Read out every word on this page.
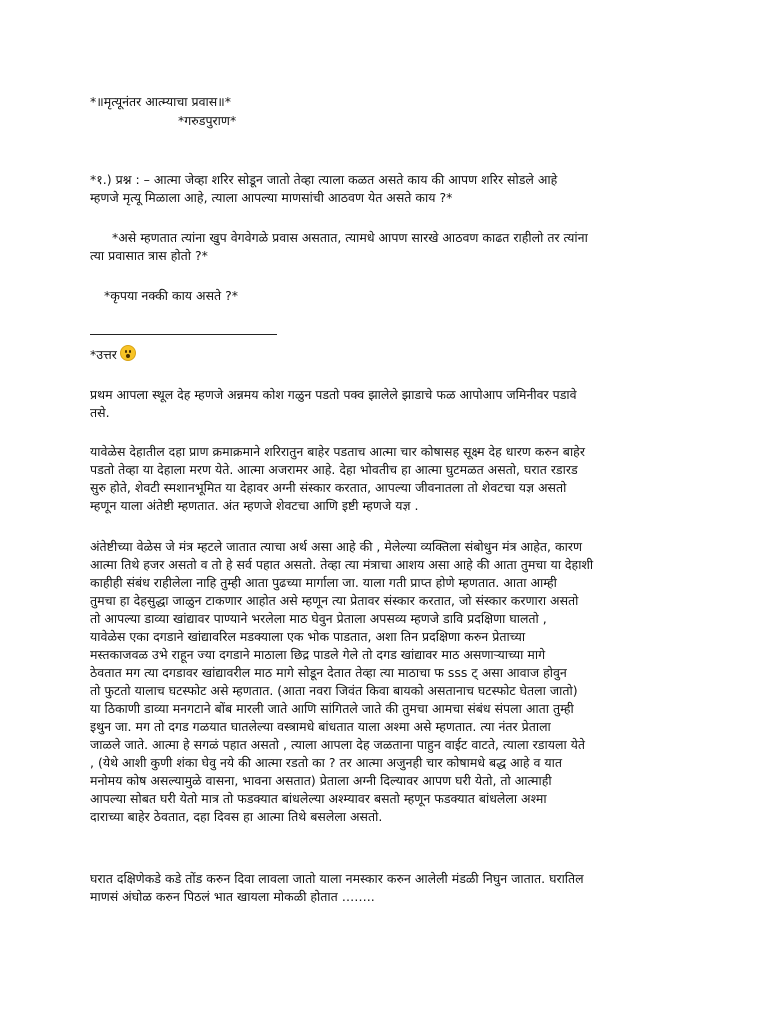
*॥मृत्यूनंतर आत्म्याचा प्रवास॥*
*गरुडपुराण*
*१.) प्रश्न : – आत्मा जेव्हा शरिर सोडून जातो तेव्हा त्याला कळत असते काय की आपण शरिर सोडले आहे
म्हणजे मृत्यू मिळाला आहे, त्याला आपल्या माणसांची आठवण येत असते काय ?*
*असे म्हणतात त्यांना खुप वेगवेगळे प्रवास असतात, त्यामधे आपण सारखे आठवण काढत राहीलो तर त्यांना
त्या प्रवासात त्रास होतो ?*
*कृपया नक्की काय असते ?*
*उत्तर
प्रथम आपला स्थूल देह म्हणजे अन्नमय कोश गळुन पडतो पक्व झालेले झाडाचे फळ आपोआप जमिनीवर पडावे
तसे.
यावेळेस देहातील दहा प्राण क्रमाक्रमाने शरिरातुन बाहेर पडताच आत्मा चार कोषासह सूक्ष्म देह धारण करुन बाहेर
पडतो तेव्हा या देहाला मरण येते. आत्मा अजरामर आहे. देहा भोवतीच हा आत्मा घुटमळत असतो, घरात रडारड
सुरु होते, शेवटी स्मशानभूमित या देहावर अग्नी संस्कार करतात, आपल्या जीवनातला तो शेवटचा यज्ञ असतो
म्हणून याला अंतेष्टी म्हणतात. अंत म्हणजे शेवटचा आणि इष्टी म्हणजे यज्ञ .
अंतेष्टीच्या वेळेस जे मंत्र म्हटले जातात त्याचा अर्थ असा आहे की , मेलेल्या व्यक्तिला संबोधुन मंत्र आहेत, कारण
आत्मा तिथे हजर असतो व तो हे सर्व पहात असतो. तेव्हा त्या मंत्राचा आशय असा आहे की आता तुमचा या देहाशी
काहीही संबंध राहीलेला नाहि तुम्ही आता पुढच्या मार्गाला जा. याला गती प्राप्त होणे म्हणतात. आता आम्ही
तुमचा हा देहसुद्धा जाळुन टाकणार आहोत असे म्हणून त्या प्रेतावर संस्कार करतात, जो संस्कार करणारा असतो
तो आपल्या डाव्या खांद्यावर पाण्याने भरलेला माठ घेवुन प्रेताला अपसव्य म्हणजे डावि प्रदक्षिणा घालतो ,
यावेळेस एका दगडाने खांद्यावरिल मडक्याला एक भोक पाडतात, अशा तिन प्रदक्षिणा करुन प्रेताच्या
मस्तकाजवळ उभे राहून ज्या दगडाने माठाला छिद्र पाडले गेले तो दगड खांद्यावर माठ असणाऱ्याच्या मागे
ठेवतात मग त्या दगडावर खांद्यावरील माठ मागे सोडून देतात तेव्हा त्या माठाचा फ sss ट् असा आवाज होवुन
तो फुटतो यालाच घटस्फोट असे म्हणतात. (आता नवरा जिवंत किवा बायको असतानाच घटस्फोट घेतला जातो)
या ठिकाणी डाव्या मनगटाने बोंब मारली जाते आणि सांगितले जाते की तुमचा आमचा संबंध संपला आता तुम्ही
इथुन जा. मग तो दगड गळयात घातलेल्या वस्त्रामधे बांधतात याला अश्मा असे म्हणतात. त्या नंतर प्रेताला
जाळले जाते. आत्मा हे सगळं पहात असतो , त्याला आपला देह जळताना पाहुन वाईट वाटते, त्याला रडायला येते
, (येथे आशी कुणी शंका घेवु नये की आत्मा रडतो का ? तर आत्मा अजुनही चार कोषामधे बद्ध आहे व यात
मनोमय कोष असल्यामुळे वासना, भावना असतात) प्रेताला अग्नी दिल्यावर आपण घरी येतो, तो आत्माही
आपल्या सोबत घरी येतो मात्र तो फडक्यात बांधलेल्या अश्म्यावर बसतो म्हणून फडक्यात बांधलेला अश्मा
दाराच्या बाहेर ठेवतात, दहा दिवस हा आत्मा तिथे बसलेला असतो.
घरात दक्षिणेकडे कडे तोंड करुन दिवा लावला जातो याला नमस्कार करुन आलेली मंडळी निघुन जातात. घरातिल
माणसं अंघोळ करुन पिठलं भात खायला मोकळी होतात ……..
